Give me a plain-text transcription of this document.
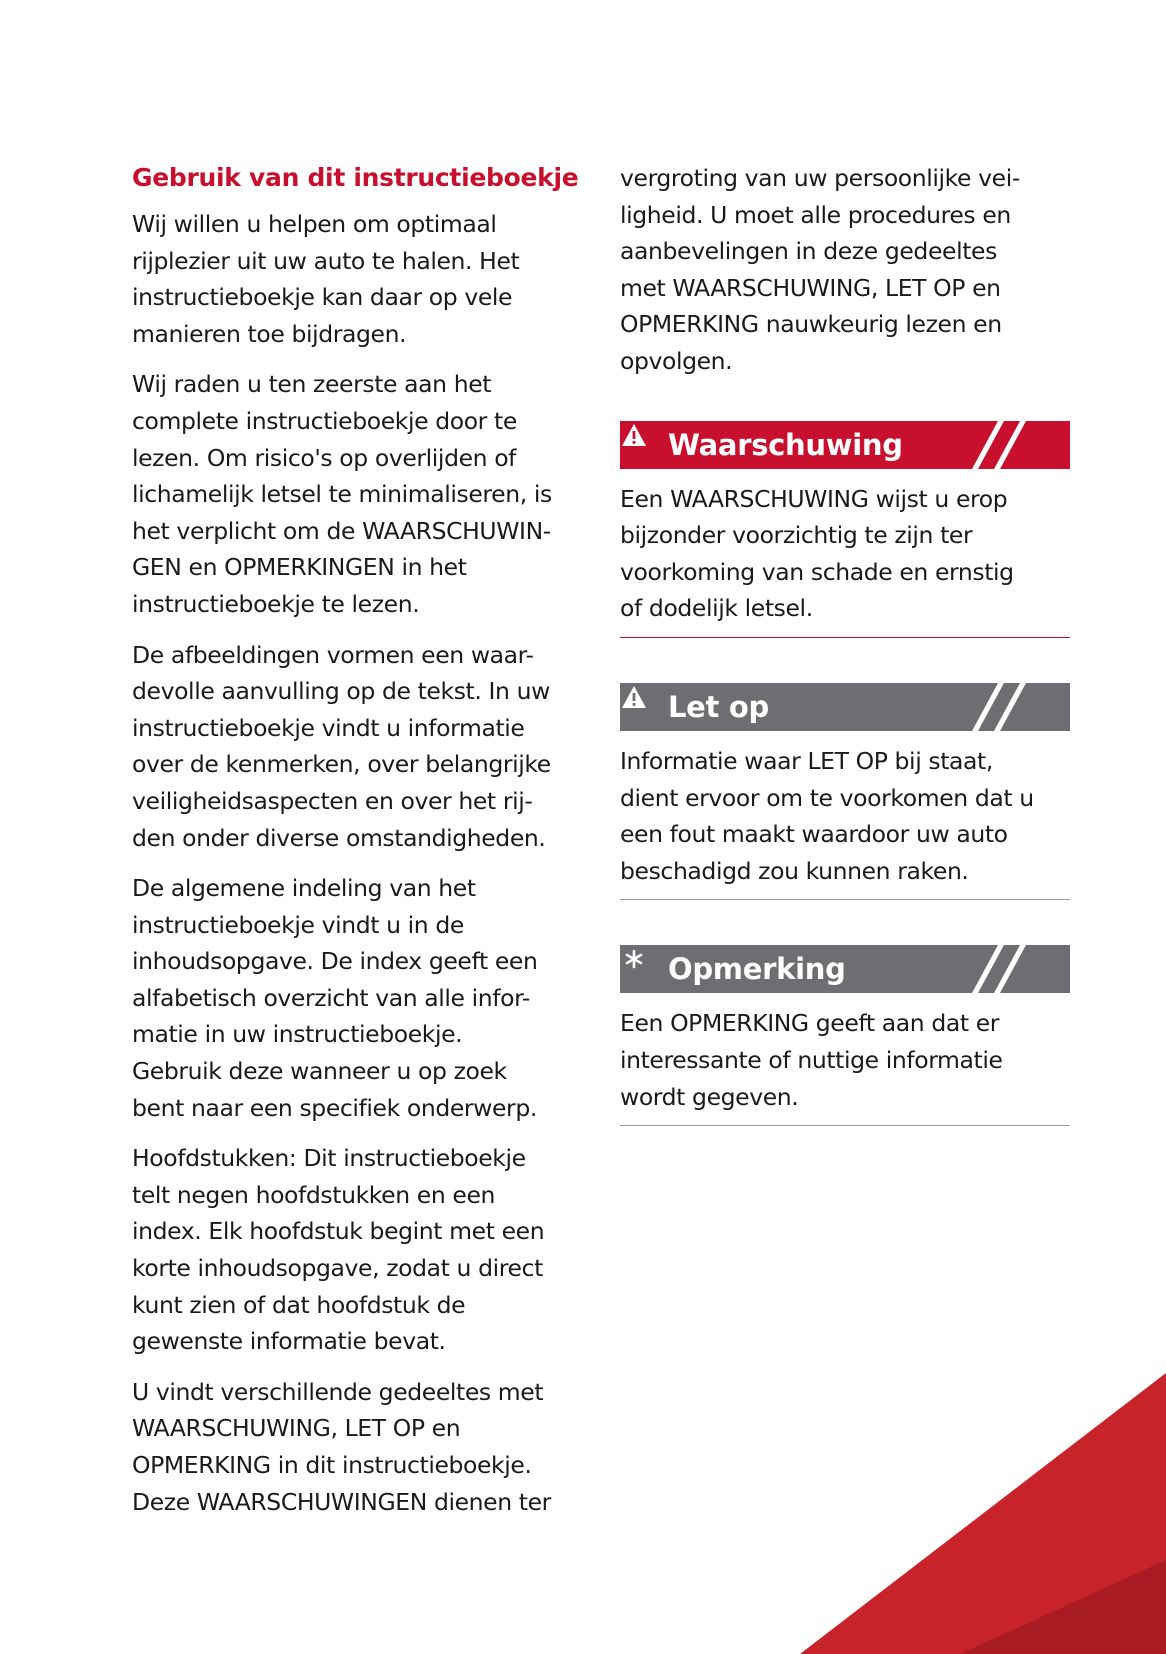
Gebruik van dit instructieboekje

Wij willen u helpen om optimaal
rijplezier uit uw auto te halen. Het
instructieboekje kan daar op vele
manieren toe bijdragen.

Wij raden u ten zeerste aan het
complete instructieboekje door te
lezen. Om risico's op overlijden of
lichamelijk letsel te minimaliseren, is
het verplicht om de WAARSCHUWIN-
GEN en OPMERKINGEN in het
instructieboekje te lezen.

De afbeeldingen vormen een waar-
devolle aanvulling op de tekst. In uw
instructieboekje vindt u informatie
over de kenmerken, over belangrijke
veiligheidsaspecten en over het rij-
den onder diverse omstandigheden.

De algemene indeling van het
instructieboekje vindt u in de
inhoudsopgave. De index geeft een
alfabetisch overzicht van alle infor-
matie in uw instructieboekje.
Gebruik deze wanneer u op zoek
bent naar een specifiek onderwerp.

Hoofdstukken: Dit instructieboekje
telt negen hoofdstukken en een
index. Elk hoofdstuk begint met een
korte inhoudsopgave, zodat u direct
kunt zien of dat hoofdstuk de
gewenste informatie bevat.

U vindt verschillende gedeeltes met
WAARSCHUWING, LET OP en
OPMERKING in dit instructieboekje.
Deze WAARSCHUWINGEN dienen ter

vergroting van uw persoonlijke vei-
ligheid. U moet alle procedures en
aanbevelingen in deze gedeeltes
met WAARSCHUWING, LET OP en
OPMERKING nauwkeurig lezen en
opvolgen.

Waarschuwing

Een WAARSCHUWING wijst u erop
bijzonder voorzichtig te zijn ter
voorkoming van schade en ernstig
of dodelijk letsel.

Let op

Informatie waar LET OP bij staat,
dient ervoor om te voorkomen dat u
een fout maakt waardoor uw auto
beschadigd zou kunnen raken.

Opmerking

Een OPMERKING geeft aan dat er
interessante of nuttige informatie
wordt gegeven.
